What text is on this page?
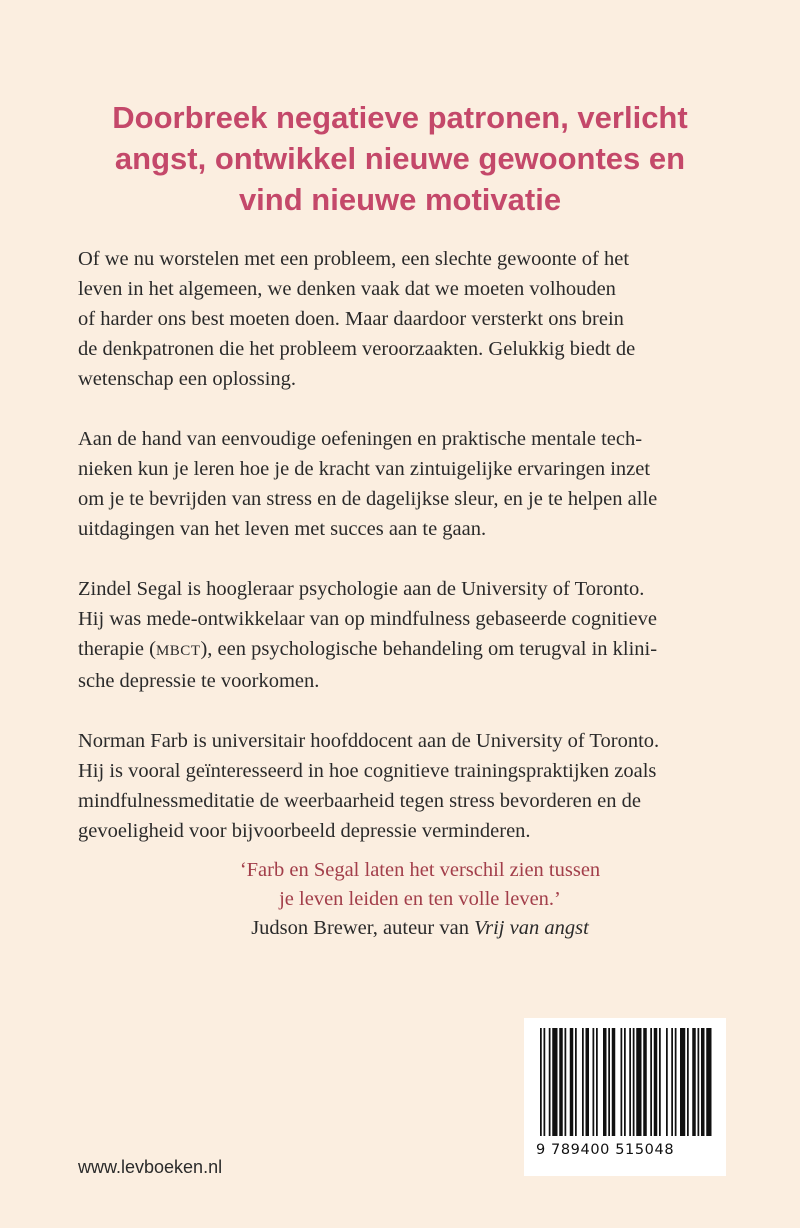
Doorbreek negatieve patronen, verlicht
angst, ontwikkel nieuwe gewoontes en
vind nieuwe motivatie

Of we nu worstelen met een probleem, een slechte gewoonte of het
leven in het algemeen, we denken vaak dat we moeten volhouden
of harder ons best moeten doen. Maar daardoor versterkt ons brein
de denkpatronen die het probleem veroorzaakten. Gelukkig biedt de
wetenschap een oplossing.

Aan de hand van eenvoudige oefeningen en praktische mentale tech-
nieken kun je leren hoe je de kracht van zintuigelijke ervaringen inzet
om je te bevrijden van stress en de dagelijkse sleur, en je te helpen alle
uitdagingen van het leven met succes aan te gaan.

Zindel Segal is hoogleraar psychologie aan de University of Toronto.
Hij was mede-ontwikkelaar van op mindfulness gebaseerde cognitieve
therapie (MBCT), een psychologische behandeling om terugval in klini-
sche depressie te voorkomen.

Norman Farb is universitair hoofddocent aan de University of Toronto.
Hij is vooral geïnteresseerd in hoe cognitieve trainingspraktijken zoals
mindfulnessmeditatie de weerbaarheid tegen stress bevorderen en de
gevoeligheid voor bijvoorbeeld depressie verminderen.

‘Farb en Segal laten het verschil zien tussen
je leven leiden en ten volle leven.’
Judson Brewer, auteur van Vrij van angst
9 789400 515048
www.levboeken.nl
